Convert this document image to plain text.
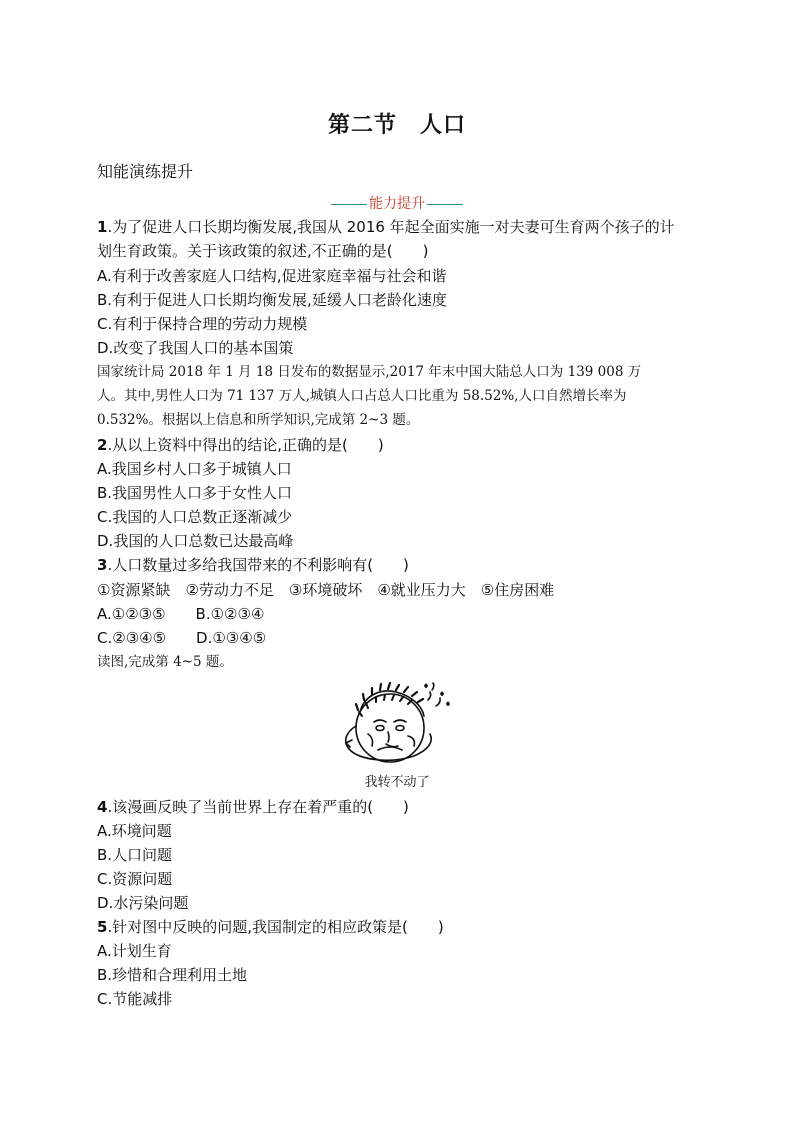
第二节　人口
知能演练提升
能力提升
1.为了促进人口长期均衡发展,我国从 2016 年起全面实施一对夫妻可生育两个孩子的计
划生育政策。关于该政策的叙述,不正确的是(　　)
A.有利于改善家庭人口结构,促进家庭幸福与社会和谐
B.有利于促进人口长期均衡发展,延缓人口老龄化速度
C.有利于保持合理的劳动力规模
D.改变了我国人口的基本国策
国家统计局 2018 年 1 月 18 日发布的数据显示,2017 年末中国大陆总人口为 139 008 万
人。其中,男性人口为 71 137 万人,城镇人口占总人口比重为 58.52%,人口自然增长率为
0.532%。根据以上信息和所学知识,完成第 2~3 题。
2.从以上资料中得出的结论,正确的是(　　)
A.我国乡村人口多于城镇人口
B.我国男性人口多于女性人口
C.我国的人口总数正逐渐减少
D.我国的人口总数已达最高峰
3.人口数量过多给我国带来的不利影响有(　　)
①资源紧缺　②劳动力不足　③环境破坏　④就业压力大　⑤住房困难
A.①②③⑤　　B.①②③④
C.②③④⑤　　D.①③④⑤
读图,完成第 4~5 题。
我转不动了
4.该漫画反映了当前世界上存在着严重的(　　)
A.环境问题
B.人口问题
C.资源问题
D.水污染问题
5.针对图中反映的问题,我国制定的相应政策是(　　)
A.计划生育
B.珍惜和合理利用土地
C.节能减排
